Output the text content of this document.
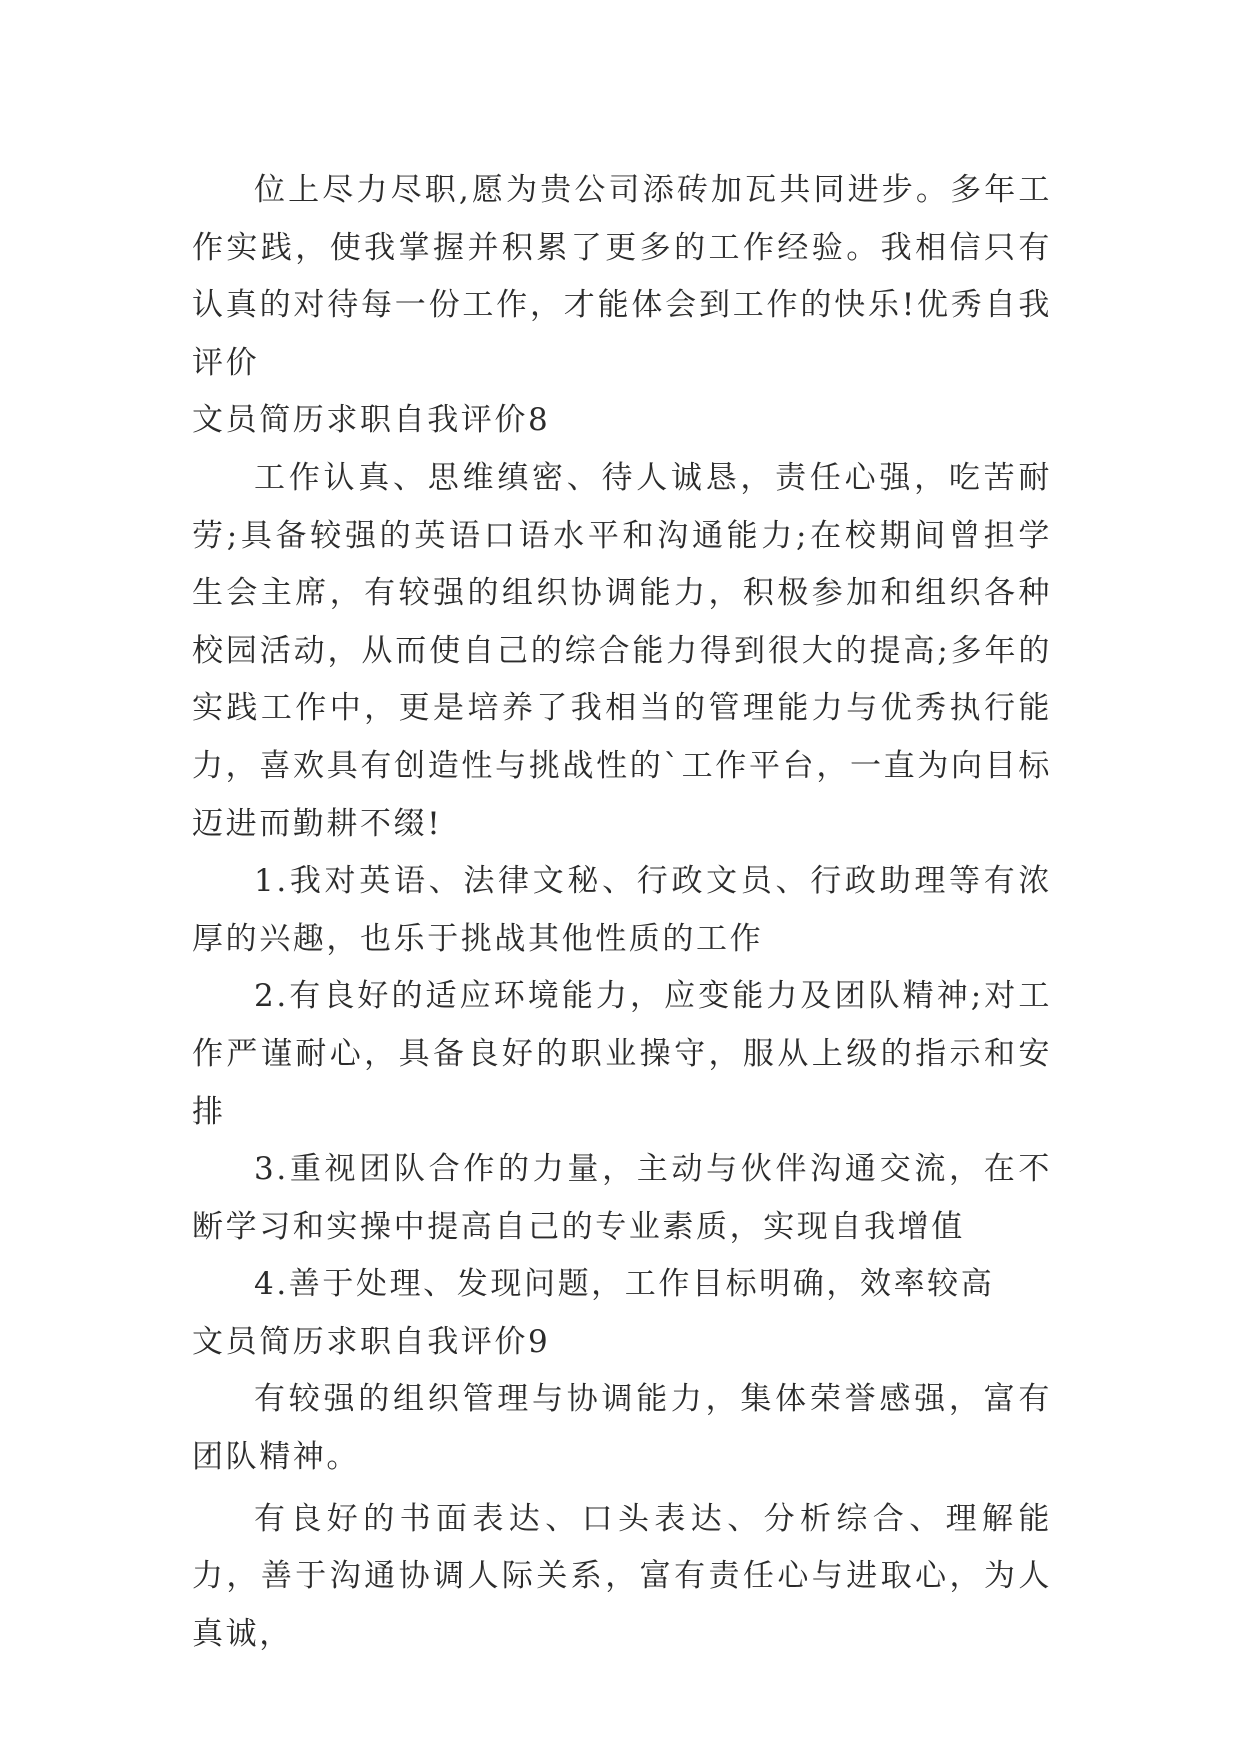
位上尽力尽职,愿为贵公司添砖加瓦共同进步。多年工作实践，使我掌握并积累了更多的工作经验。我相信只有认真的对待每一份工作，才能体会到工作的快乐!优秀自我评价

文员简历求职自我评价8

工作认真、思维缜密、待人诚恳，责任心强，吃苦耐劳;具备较强的英语口语水平和沟通能力;在校期间曾担学生会主席，有较强的组织协调能力，积极参加和组织各种校园活动，从而使自己的综合能力得到很大的提高;多年的实践工作中，更是培养了我相当的管理能力与优秀执行能力，喜欢具有创造性与挑战性的`工作平台，一直为向目标迈进而勤耕不缀!

1.我对英语、法律文秘、行政文员、行政助理等有浓厚的兴趣，也乐于挑战其他性质的工作

2.有良好的适应环境能力，应变能力及团队精神;对工作严谨耐心，具备良好的职业操守，服从上级的指示和安排

3.重视团队合作的力量，主动与伙伴沟通交流，在不断学习和实操中提高自己的专业素质，实现自我增值

4.善于处理、发现问题，工作目标明确，效率较高

文员简历求职自我评价9

有较强的组织管理与协调能力，集体荣誉感强，富有团队精神。

有良好的书面表达、口头表达、分析综合、理解能力，善于沟通协调人际关系，富有责任心与进取心，为人真诚，
